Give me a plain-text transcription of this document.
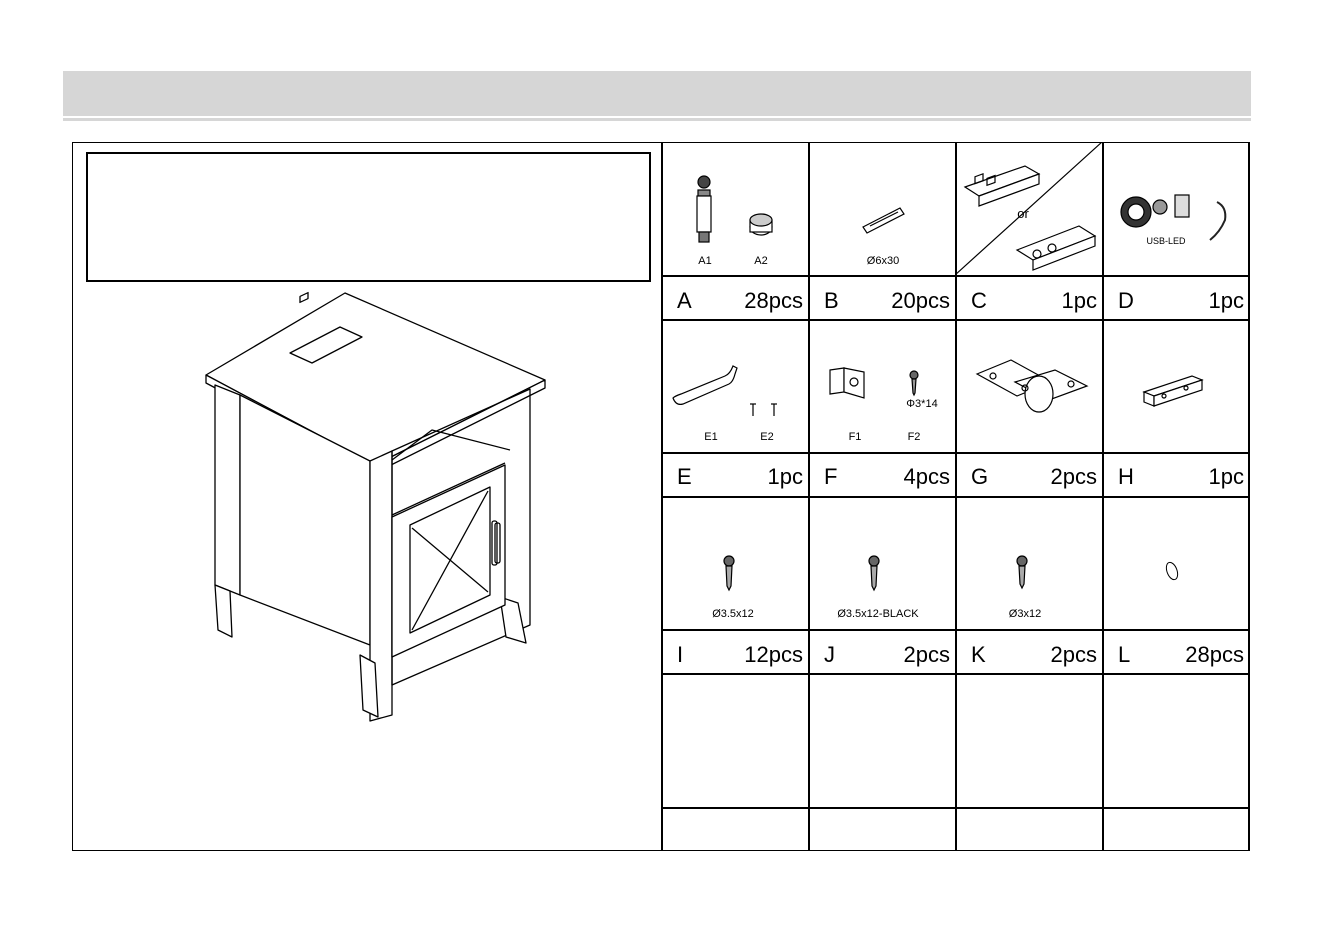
A1	A2	Ø6x30
or
USB-LED
A 28pcs B 20pcs C	1pc D	1pc
E1	E2
Φ3*14
F1	F2
E	1pc F	4pcs G	2pcs H	1pc
Ø3.5x12	Ø3.5x12-BLACK	Ø3x12
I	12pcs J	2pcs K	2pcs L	28pcs
